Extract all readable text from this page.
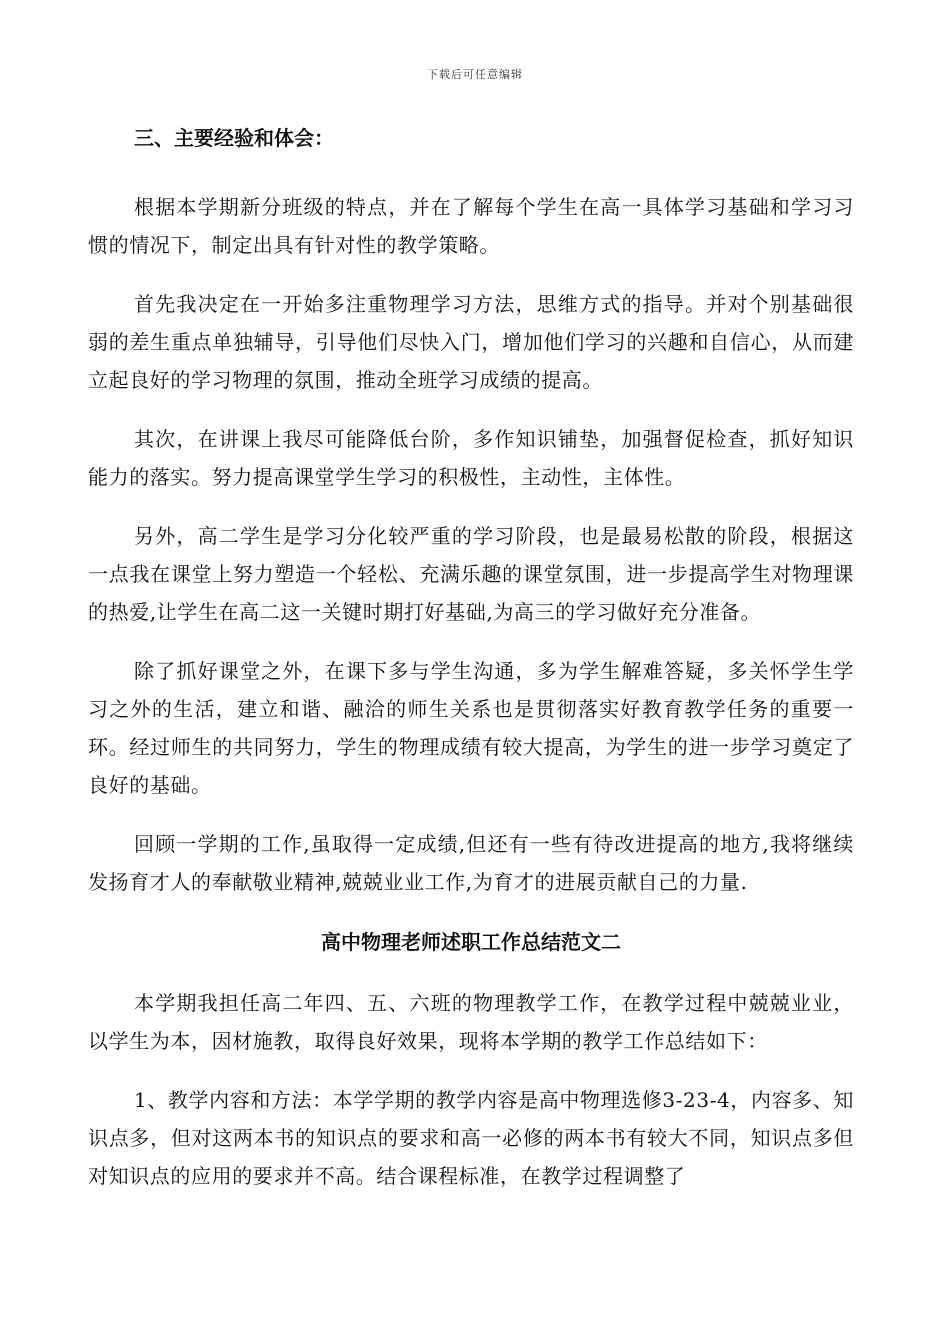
下载后可任意编辑
三、主要经验和体会：

根据本学期新分班级的特点，并在了解每个学生在高一具体学习基础和学习习惯的情况下，制定出具有针对性的教学策略。

首先我决定在一开始多注重物理学习方法，思维方式的指导。并对个别基础很弱的差生重点单独辅导，引导他们尽快入门，增加他们学习的兴趣和自信心，从而建立起良好的学习物理的氛围，推动全班学习成绩的提高。

其次，在讲课上我尽可能降低台阶，多作知识铺垫，加强督促检查，抓好知识能力的落实。努力提高课堂学生学习的积极性，主动性，主体性。

另外，高二学生是学习分化较严重的学习阶段，也是最易松散的阶段，根据这一点我在课堂上努力塑造一个轻松、充满乐趣的课堂氛围，进一步提高学生对物理课的热爱,让学生在高二这一关键时期打好基础,为高三的学习做好充分准备。

除了抓好课堂之外，在课下多与学生沟通，多为学生解难答疑，多关怀学生学习之外的生活，建立和谐、融洽的师生关系也是贯彻落实好教育教学任务的重要一环。经过师生的共同努力，学生的物理成绩有较大提高，为学生的进一步学习奠定了良好的基础。

回顾一学期的工作,虽取得一定成绩,但还有一些有待改进提高的地方,我将继续发扬育才人的奉献敬业精神,兢兢业业工作,为育才的进展贡献自己的力量.

高中物理老师述职工作总结范文二

本学期我担任高二年四、五、六班的物理教学工作，在教学过程中兢兢业业，以学生为本，因材施教，取得良好效果，现将本学期的教学工作总结如下：

1、教学内容和方法：本学学期的教学内容是高中物理选修3-23-4，内容多、知识点多，但对这两本书的知识点的要求和高一必修的两本书有较大不同，知识点多但对知识点的应用的要求并不高。结合课程标准，在教学过程调整了
